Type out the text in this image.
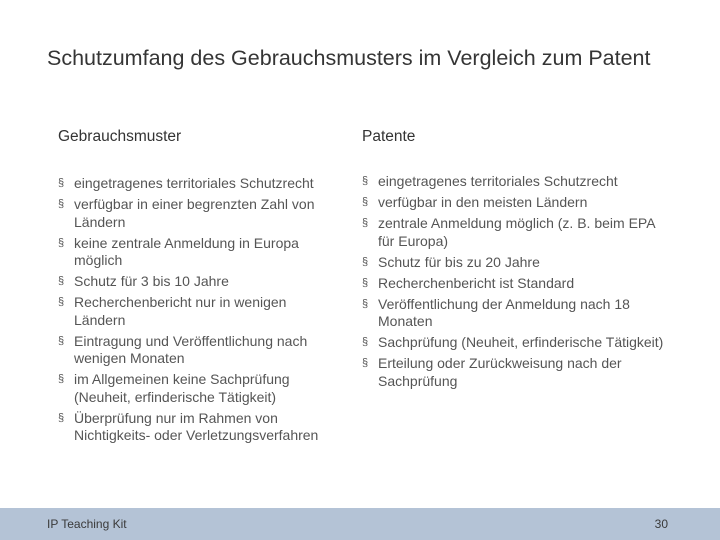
Schutzumfang des Gebrauchsmusters im Vergleich zum Patent
Gebrauchsmuster	Patente
§ eingetragenes territoriales Schutzrecht
§ verfügbar in einer begrenzten Zahl von Ländern
§ keine zentrale Anmeldung in Europa möglich
§ Schutz für 3 bis 10 Jahre
§ Recherchenbericht nur in wenigen Ländern
§ Eintragung und Veröffentlichung nach wenigen Monaten
§ im Allgemeinen keine Sachprüfung (Neuheit, erfinderische Tätigkeit)
§ Überprüfung nur im Rahmen von Nichtigkeits- oder Verletzungsverfahren
§ eingetragenes territoriales Schutzrecht
§ verfügbar in den meisten Ländern
§ zentrale Anmeldung möglich (z. B. beim EPA für Europa)
§ Schutz für bis zu 20 Jahre
§ Recherchenbericht ist Standard
§ Veröffentlichung der Anmeldung nach 18 Monaten
§ Sachprüfung (Neuheit, erfinderische Tätigkeit)
§ Erteilung oder Zurückweisung nach der Sachprüfung
IP Teaching Kit	30
